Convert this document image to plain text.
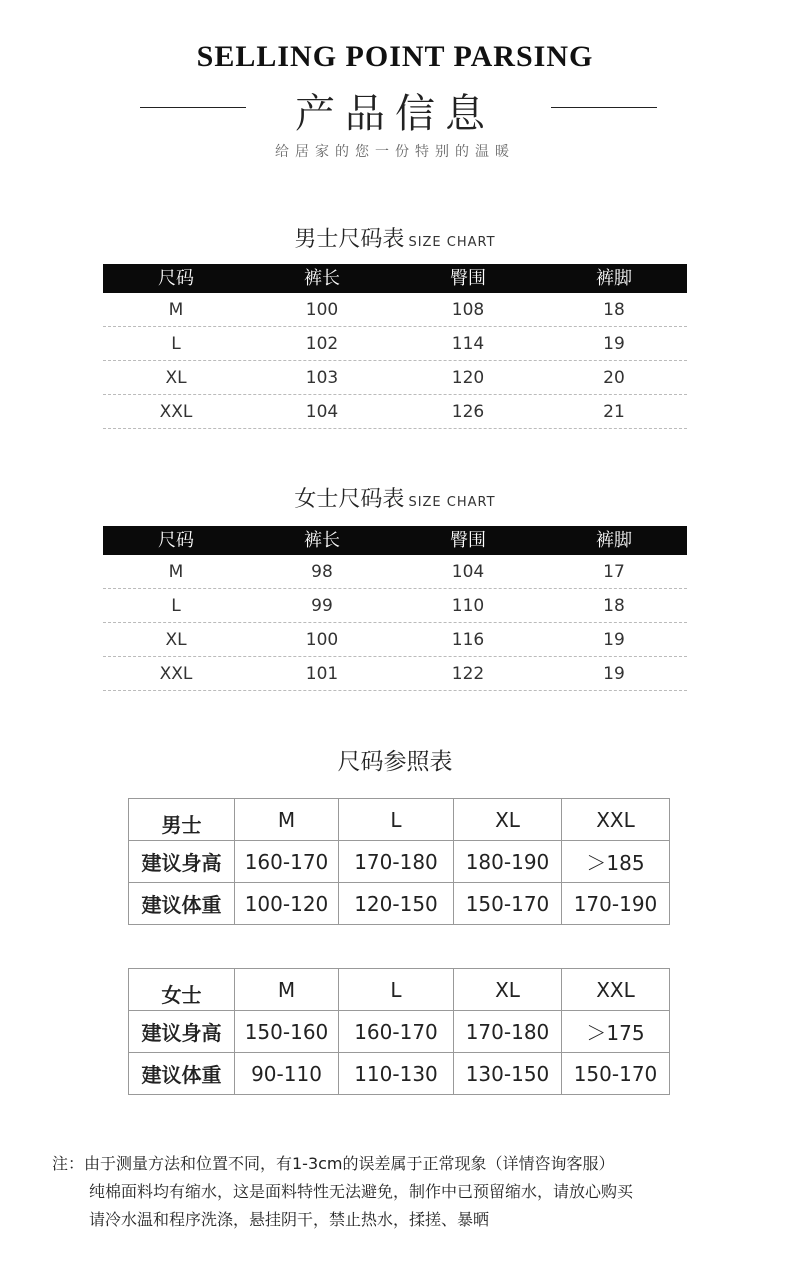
SELLING POINT PARSING
产品信息
给居家的您一份特别的温暖
男士尺码表 SIZE CHART
尺码	裤长	臀围	裤脚
M	100	108	18
L	102	114	19
XL	103	120	20
XXL	104	126	21
女士尺码表 SIZE CHART
尺码	裤长	臀围	裤脚
M	98	104	17
L	99	110	18
XL	100	116	19
XXL	101	122	19
尺码参照表
男士	M	L	XL	XXL
建议身高	160-170	170-180	180-190	＞185
建议体重	100-120	120-150	150-170	170-190
女士	M	L	XL	XXL
建议身高	150-160	160-170	170-180	＞175
建议体重	90-110	110-130	130-150	150-170
注：由于测量方法和位置不同，有1-3cm的误差属于正常现象（详情咨询客服）
纯棉面料均有缩水，这是面料特性无法避免，制作中已预留缩水，请放心购买
请冷水温和程序洗涤，悬挂阴干，禁止热水，揉搓、暴晒
